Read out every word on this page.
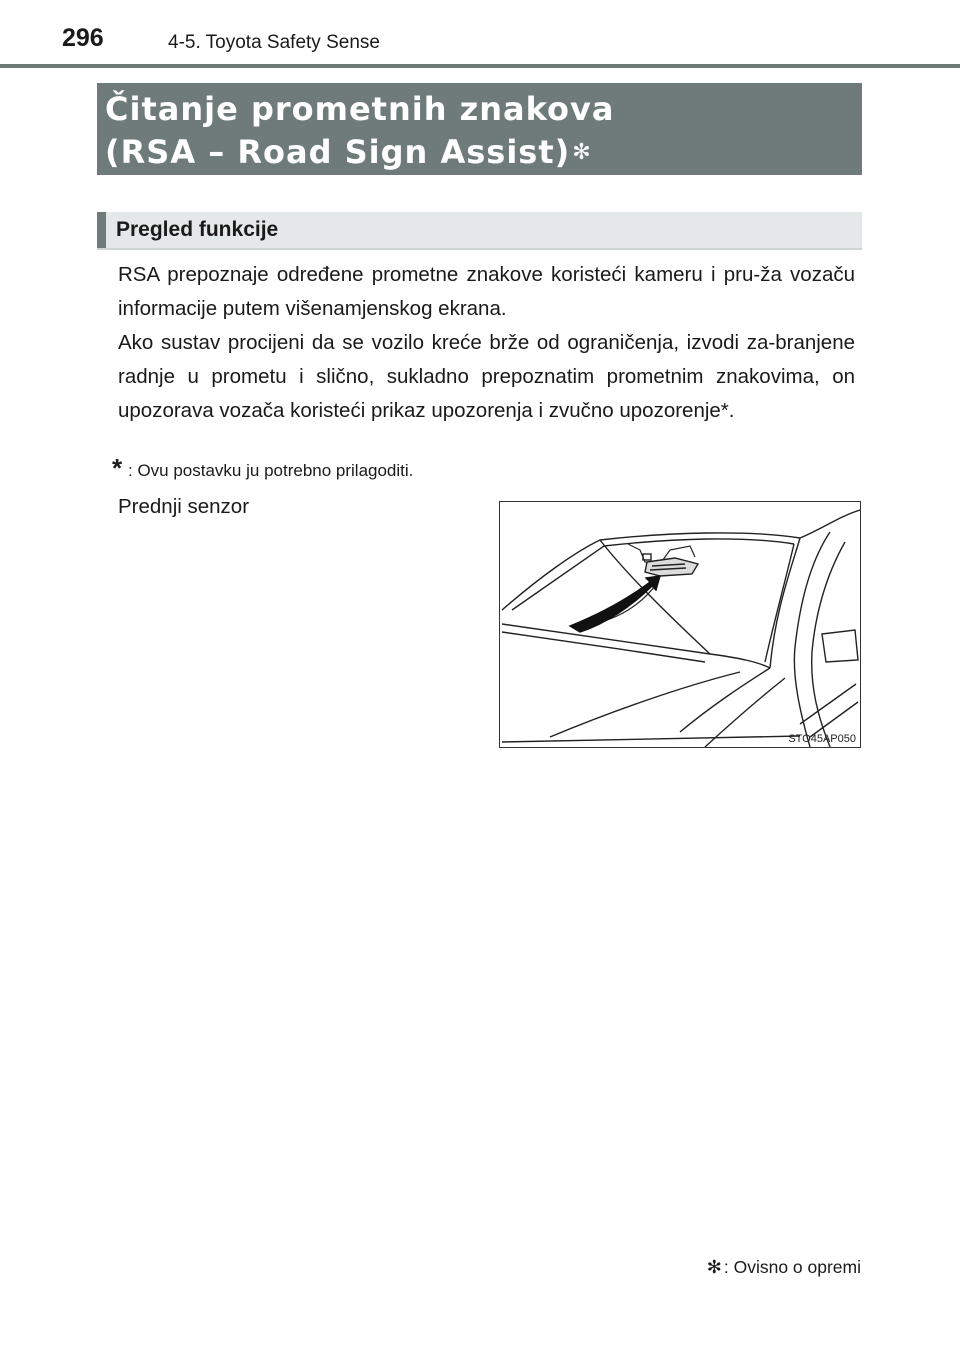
296	4-5. Toyota Safety Sense
Čitanje prometnih znakova
(RSA – Road Sign Assist)✻
Pregled funkcije

RSA prepoznaje određene prometne znakove koristeći kameru i pru-ža vozaču informacije putem višenamjenskog ekrana.

Ako sustav procijeni da se vozilo kreće brže od ograničenja, izvodi za-branjene radnje u prometu i slično, sukladno prepoznatim prometnim znakovima, on upozorava vozača koristeći prikaz upozorenja i zvučno upozorenje*.

* : Ovu postavku ju potrebno prilagoditi.
Prednji senzor
STO45AP050
✻ : Ovisno o opremi
